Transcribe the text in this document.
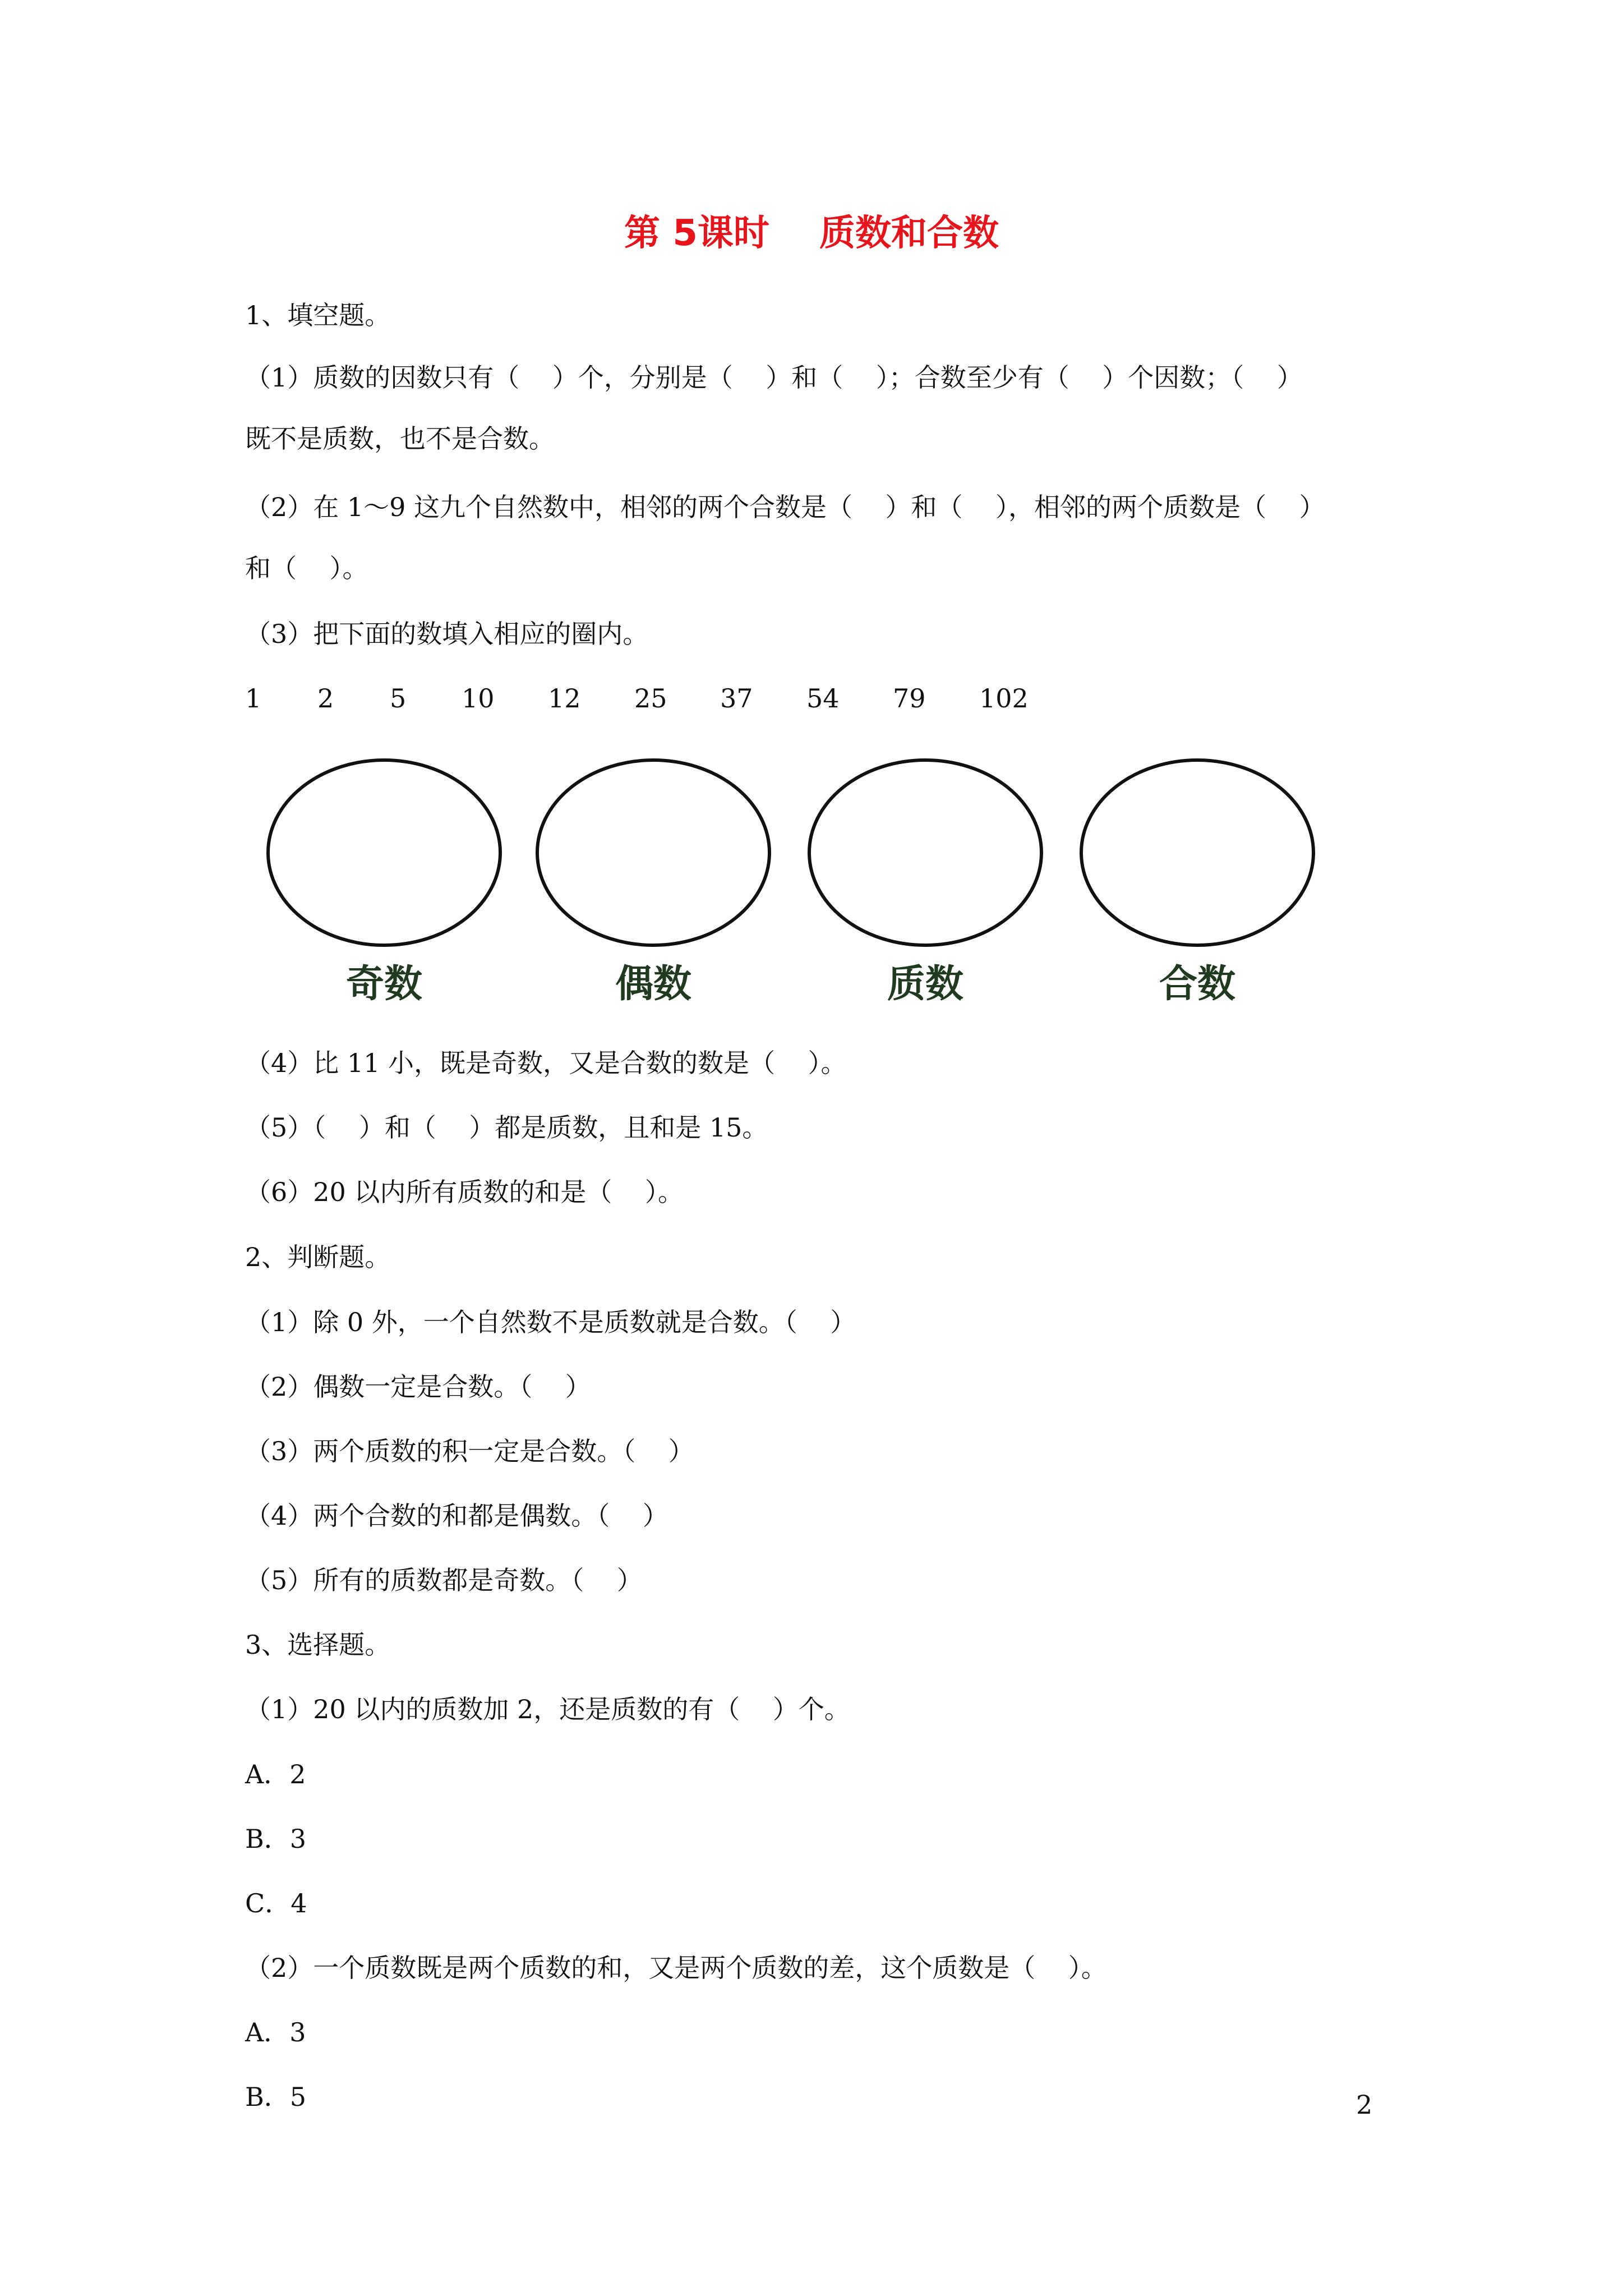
第 5课时 质数和合数
1、填空题。
（1）质数的因数只有（    ）个，分别是（    ）和（    ）；合数至少有（    ）个因数；（    ）
既不是质数，也不是合数。
（2）在 1～9 这九个自然数中，相邻的两个合数是（    ）和（    ），相邻的两个质数是（    ）
和（    ）。
（3）把下面的数填入相应的圈内。
1 2 5 10 12 25 37 54 79 102
奇数	偶数	质数	合数
（4）比 11 小，既是奇数，又是合数的数是（    ）。
（5）（    ）和（    ）都是质数，且和是 15。
（6）20 以内所有质数的和是（    ）。
2、判断题。
（1）除 0 外，一个自然数不是质数就是合数。（    ）
（2）偶数一定是合数。（    ）
（3）两个质数的积一定是合数。（    ）
（4）两个合数的和都是偶数。（    ）
（5）所有的质数都是奇数。（    ）
3、选择题。
（1）20 以内的质数加 2，还是质数的有（    ）个。
A．2
B．3
C．4
（2）一个质数既是两个质数的和，又是两个质数的差，这个质数是（    ）。
A．3
B．5	2
